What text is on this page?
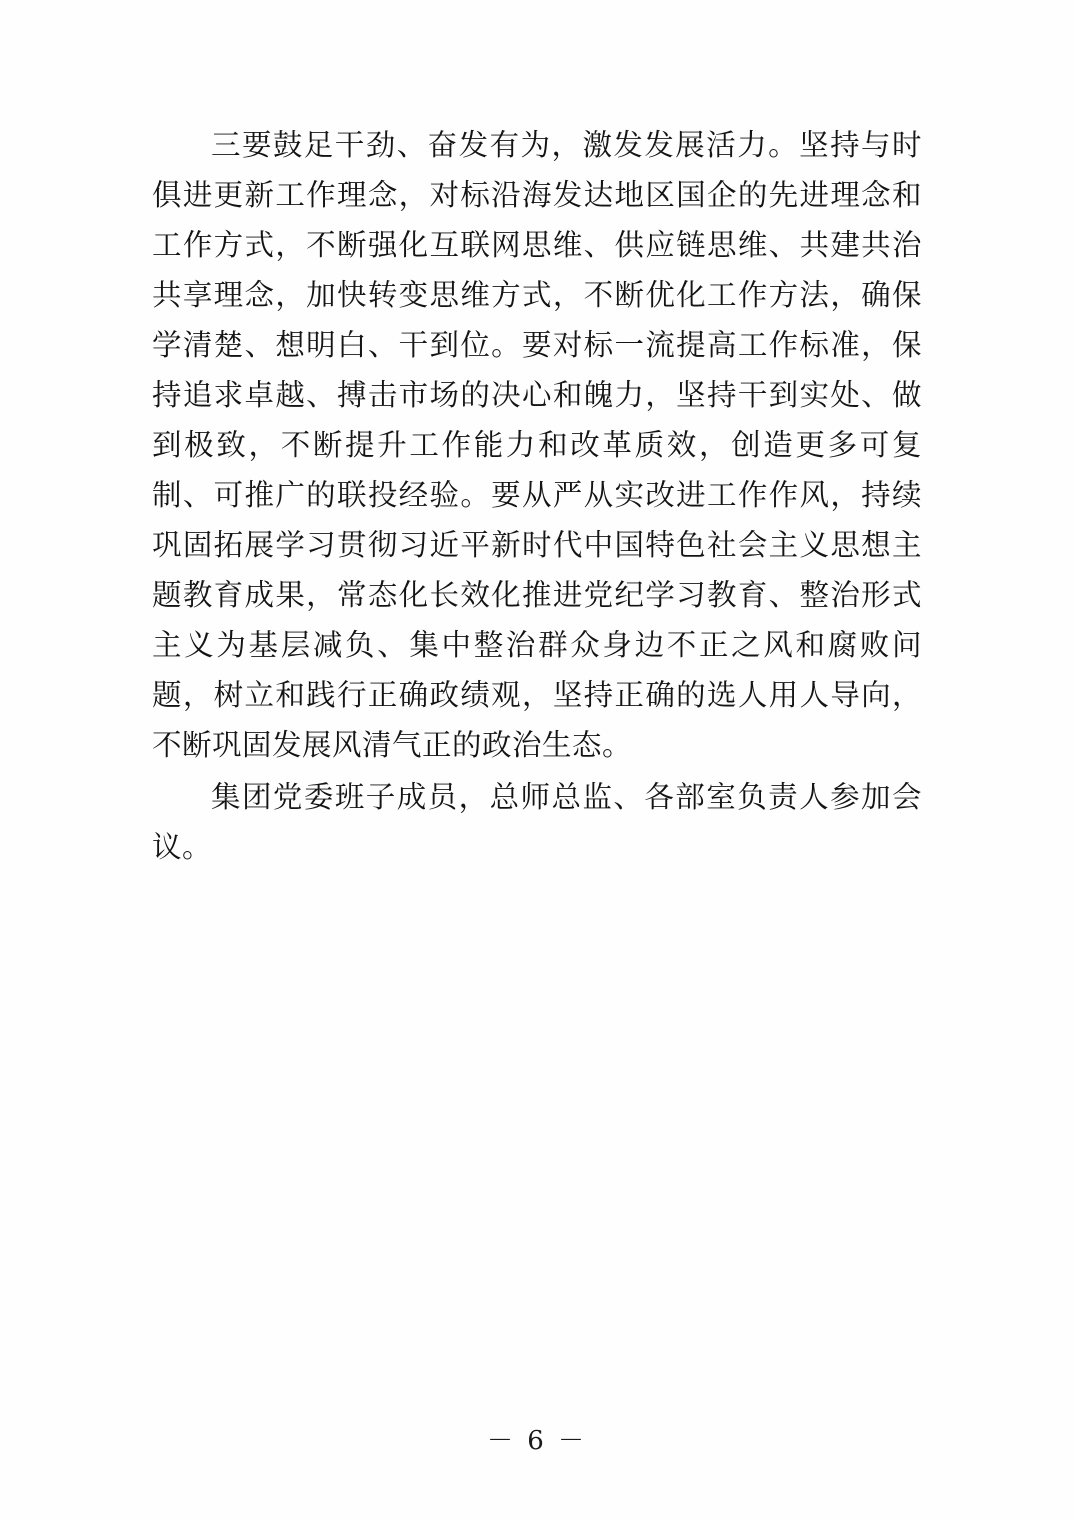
三要鼓足干劲、奋发有为，激发发展活力。坚持与时俱进更新工作理念，对标沿海发达地区国企的先进理念和工作方式，不断强化互联网思维、供应链思维、共建共治共享理念，加快转变思维方式，不断优化工作方法，确保学清楚、想明白、干到位。要对标一流提高工作标准，保持追求卓越、搏击市场的决心和魄力，坚持干到实处、做到极致，不断提升工作能力和改革质效，创造更多可复制、可推广的联投经验。要从严从实改进工作作风，持续巩固拓展学习贯彻习近平新时代中国特色社会主义思想主题教育成果，常态化长效化推进党纪学习教育、整治形式主义为基层减负、集中整治群众身边不正之风和腐败问题，树立和践行正确政绩观，坚持正确的选人用人导向，不断巩固发展风清气正的政治生态。

集团党委班子成员，总师总监、各部室负责人参加会议。

－ 6 －
